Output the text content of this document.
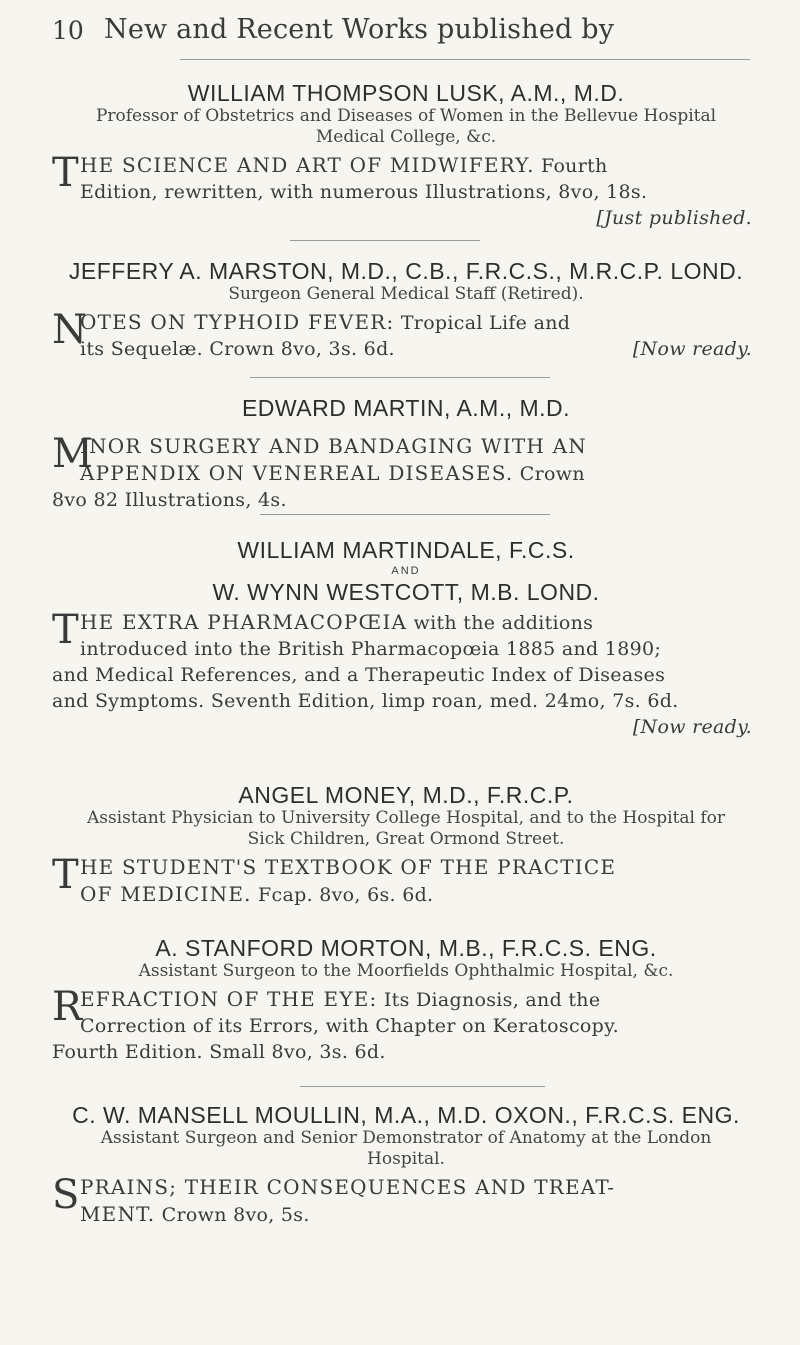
10 New and Recent Works published by
WILLIAM THOMPSON LUSK, A.M., M.D.
Professor of Obstetrics and Diseases of Women in the Bellevue Hospital
Medical College, &c.

T HE SCIENCE AND ART OF MIDWIFERY. Fourth

Edition, rewritten, with numerous Illustrations, 8vo, 18s.

[Just published.

JEFFERY A. MARSTON, M.D., C.B., F.R.C.S., M.R.C.P. LOND.
Surgeon General Medical Staff (Retired).

N
OTES ON TYPHOID FEVER: Tropical Life and

its Sequelæ. Crown 8vo, 3s. 6d.	[Now ready.

EDWARD MARTIN, A.M., M.D.

M
INOR SURGERY AND BANDAGING WITH AN

APPENDIX ON VENEREAL DISEASES. Crown

8vo 82 Illustrations, 4s.

WILLIAM MARTINDALE, F.C.S.
AND
W. WYNN WESTCOTT, M.B. LOND.

T HE EXTRA PHARMACOPŒIA with the additions

introduced into the British Pharmacopœia 1885 and 1890;

and Medical References, and a Therapeutic Index of Diseases

and Symptoms. Seventh Edition, limp roan, med. 24mo, 7s. 6d.

[Now ready.

ANGEL MONEY, M.D., F.R.C.P.
Assistant Physician to University College Hospital, and to the Hospital for
Sick Children, Great Ormond Street.

T HE STUDENT'S TEXTBOOK OF THE PRACTICE

OF MEDICINE. Fcap. 8vo, 6s. 6d.

A. STANFORD MORTON, M.B., F.R.C.S. ENG.
Assistant Surgeon to the Moorfields Ophthalmic Hospital, &c.

R
EFRACTION OF THE EYE: Its Diagnosis, and the

Correction of its Errors, with Chapter on Keratoscopy.

Fourth Edition. Small 8vo, 3s. 6d.

C. W. MANSELL MOULLIN, M.A., M.D. OXON., F.R.C.S. ENG.
Assistant Surgeon and Senior Demonstrator of Anatomy at the London
Hospital.

S PRAINS; THEIR CONSEQUENCES AND TREAT-

MENT. Crown 8vo, 5s.
